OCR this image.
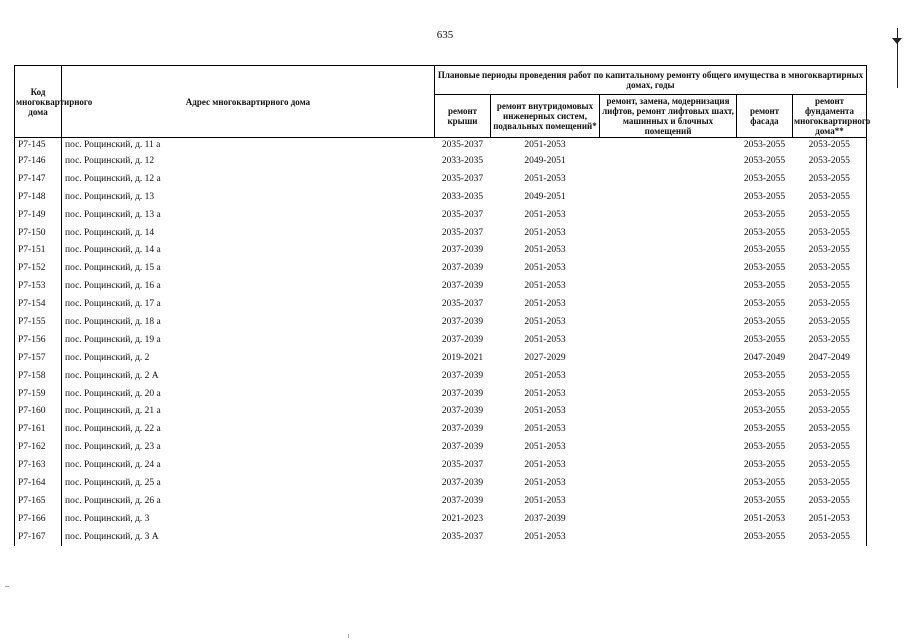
635
Код многоквартирного дома	Адрес многоквартирного дома	Плановые периоды проведения работ по капитальному ремонту общего имущества в многоквартирных домах, годы				
		ремонт крыши	ремонт внутридомовых инженерных систем, подвальных помещений*	ремонт, замена, модернизация лифтов, ремонт лифтовых шахт, машинных и блочных помещений	ремонт фасада	ремонт фундамента многоквартирного дома**
Р7-145	пос. Рощинский, д. 11 а	2035-2037	2051-2053		2053-2055	2053-2055
Р7-146	пос. Рощинский, д. 12	2033-2035	2049-2051		2053-2055	2053-2055
Р7-147	пос. Рощинский, д. 12 а	2035-2037	2051-2053		2053-2055	2053-2055
Р7-148	пос. Рощинский, д. 13	2033-2035	2049-2051		2053-2055	2053-2055
Р7-149	пос. Рощинский, д. 13 а	2035-2037	2051-2053		2053-2055	2053-2055
Р7-150	пос. Рощинский, д. 14	2035-2037	2051-2053		2053-2055	2053-2055
Р7-151	пос. Рощинский, д. 14 а	2037-2039	2051-2053		2053-2055	2053-2055
Р7-152	пос. Рощинский, д. 15 а	2037-2039	2051-2053		2053-2055	2053-2055
Р7-153	пос. Рощинский, д. 16 а	2037-2039	2051-2053		2053-2055	2053-2055
Р7-154	пос. Рощинский, д. 17 а	2035-2037	2051-2053		2053-2055	2053-2055
Р7-155	пос. Рощинский, д. 18 а	2037-2039	2051-2053		2053-2055	2053-2055
Р7-156	пос. Рощинский, д. 19 а	2037-2039	2051-2053		2053-2055	2053-2055
Р7-157	пос. Рощинский, д. 2	2019-2021	2027-2029		2047-2049	2047-2049
Р7-158	пос. Рощинский, д. 2 А	2037-2039	2051-2053		2053-2055	2053-2055
Р7-159	пос. Рощинский, д. 20 а	2037-2039	2051-2053		2053-2055	2053-2055
Р7-160	пос. Рощинский, д. 21 а	2037-2039	2051-2053		2053-2055	2053-2055
Р7-161	пос. Рощинский, д. 22 а	2037-2039	2051-2053		2053-2055	2053-2055
Р7-162	пос. Рощинский, д. 23 а	2037-2039	2051-2053		2053-2055	2053-2055
Р7-163	пос. Рощинский, д. 24 а	2035-2037	2051-2053		2053-2055	2053-2055
Р7-164	пос. Рощинский, д. 25 а	2037-2039	2051-2053		2053-2055	2053-2055
Р7-165	пос. Рощинский, д. 26 а	2037-2039	2051-2053		2053-2055	2053-2055
Р7-166	пос. Рощинский, д. 3	2021-2023	2037-2039		2051-2053	2051-2053
Р7-167	пос. Рощинский, д. 3 А	2035-2037	2051-2053		2053-2055	2053-2055
